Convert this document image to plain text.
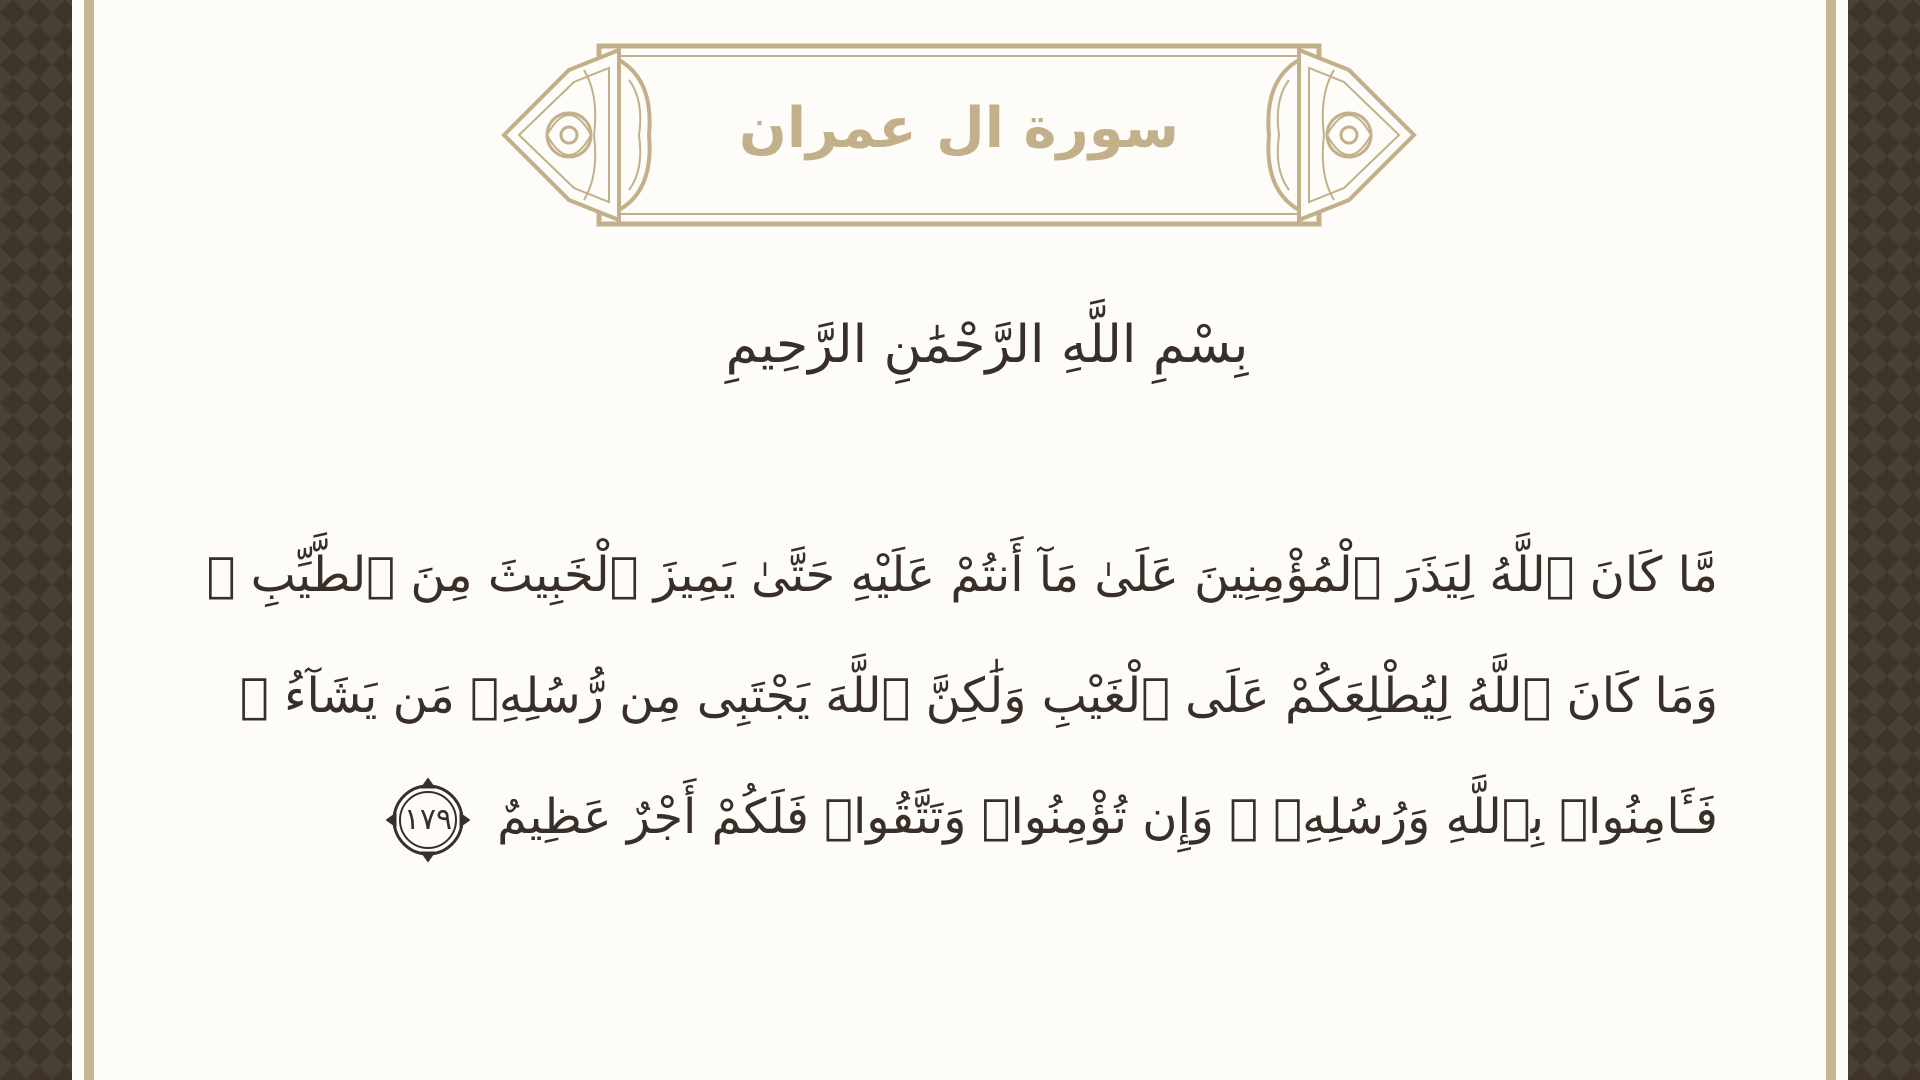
سورة ال عمران
بِسْمِ اللَّهِ الرَّحْمَٰنِ الرَّحِيمِ
مَّا كَانَ ٱللَّهُ لِيَذَرَ ٱلْمُؤْمِنِينَ عَلَىٰ مَآ أَنتُمْ عَلَيْهِ حَتَّىٰ يَمِيزَ ٱلْخَبِيثَ مِنَ ٱلطَّيِّبِ ۗ وَمَا كَانَ ٱللَّهُ لِيُطْلِعَكُمْ عَلَى ٱلْغَيْبِ وَلَٰكِنَّ ٱللَّهَ يَجْتَبِى مِن رُّسُلِهِۦ مَن يَشَآءُ ۖ فَـَٔامِنُوا۟ بِٱللَّهِ وَرُسُلِهِۦ ۚ وَإِن تُؤْمِنُوا۟ وَتَتَّقُوا۟ فَلَكُمْ أَجْرٌ عَظِيمٌ
١٧٩
